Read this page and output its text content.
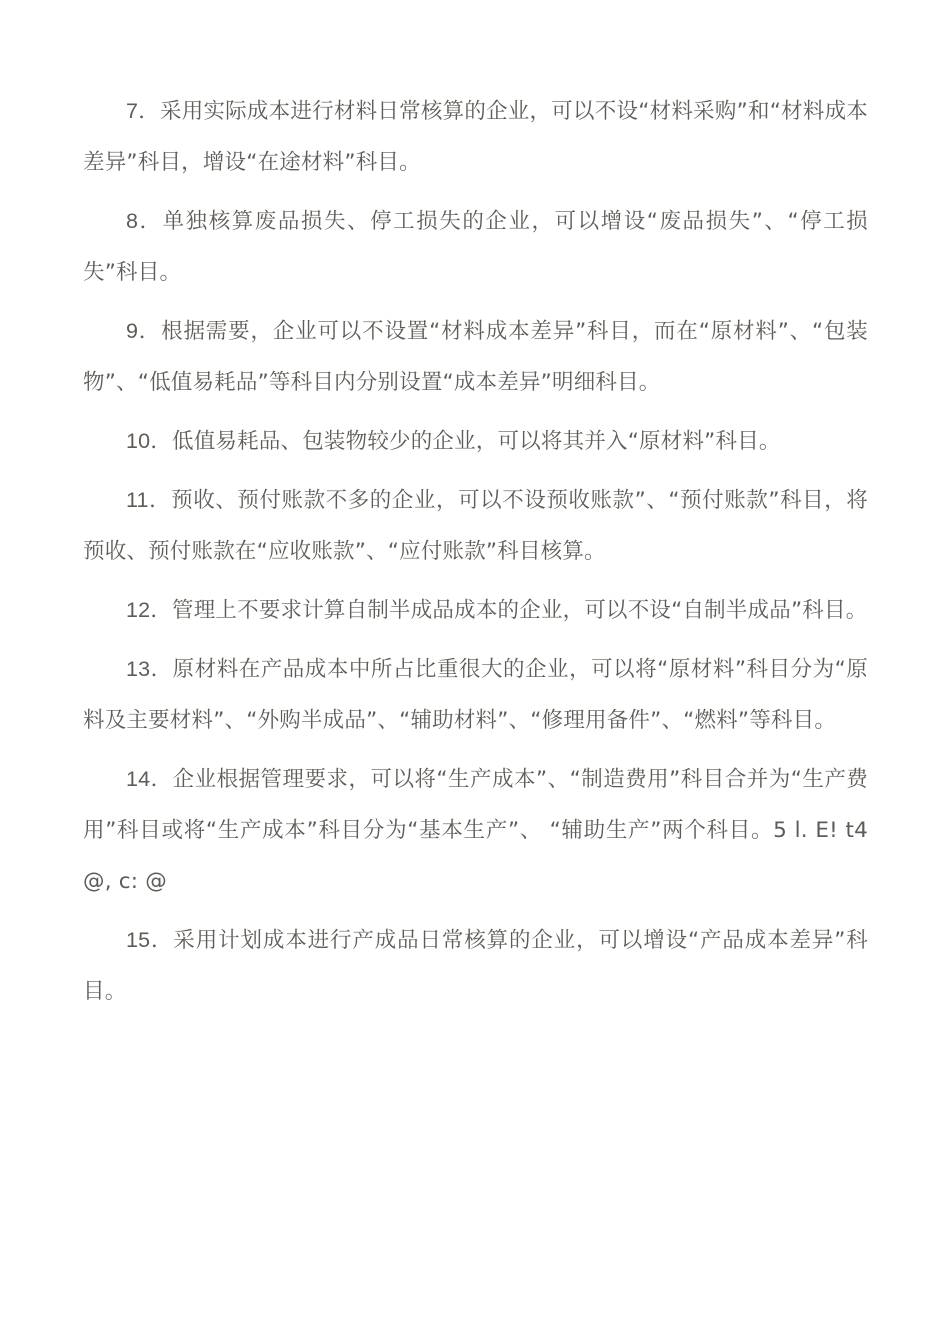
7．采用实际成本进行材料日常核算的企业，可以不设“材料采购”和“材料成本差异”科目，增设“在途材料”科目。

8．单独核算废品损失、停工损失的企业，可以增设“废品损失”、“停工损失”科目。

9．根据需要，企业可以不设置“材料成本差异”科目，而在“原材料”、“包装物”、“低值易耗品”等科目内分别设置“成本差异”明细科目。

10．低值易耗品、包装物较少的企业，可以将其并入“原材料”科目。

11．预收、预付账款不多的企业，可以不设预收账款”、“预付账款”科目，将预收、预付账款在“应收账款”、“应付账款”科目核算。

12．管理上不要求计算自制半成品成本的企业，可以不设“自制半成品”科目。

13．原材料在产品成本中所占比重很大的企业，可以将“原材料”科目分为“原料及主要材料”、“外购半成品”、“辅助材料”、“修理用备件”、“燃料”等科目。

14．企业根据管理要求，可以将“生产成本”、“制造费用”科目合并为“生产费用”科目或将“生产成本”科目分为“基本生产”、 “辅助生产”两个科目。5 l. E! t4 @, c: @

15．采用计划成本进行产成品日常核算的企业，可以增设“产品成本差异”科目。
